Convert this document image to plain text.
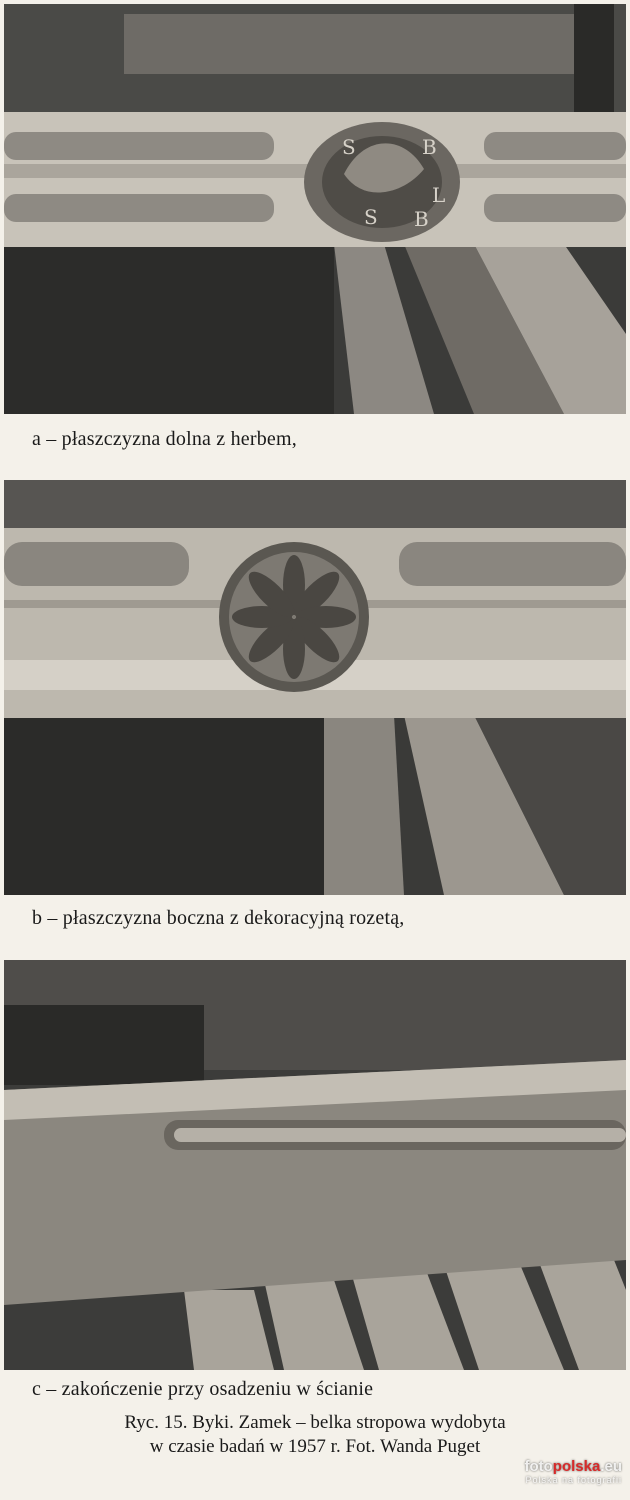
S	B
L
S B
a – płaszczyzna dolna z herbem,
b – płaszczyzna boczna z dekoracyjną rozetą,
c – zakończenie przy osadzeniu w ścianie
Ryc. 15. Byki. Zamek – belka stropowa wydobyta
w czasie badań w 1957 r. Fot. Wanda Puget
fotopolska.eu
Polska na fotografii
